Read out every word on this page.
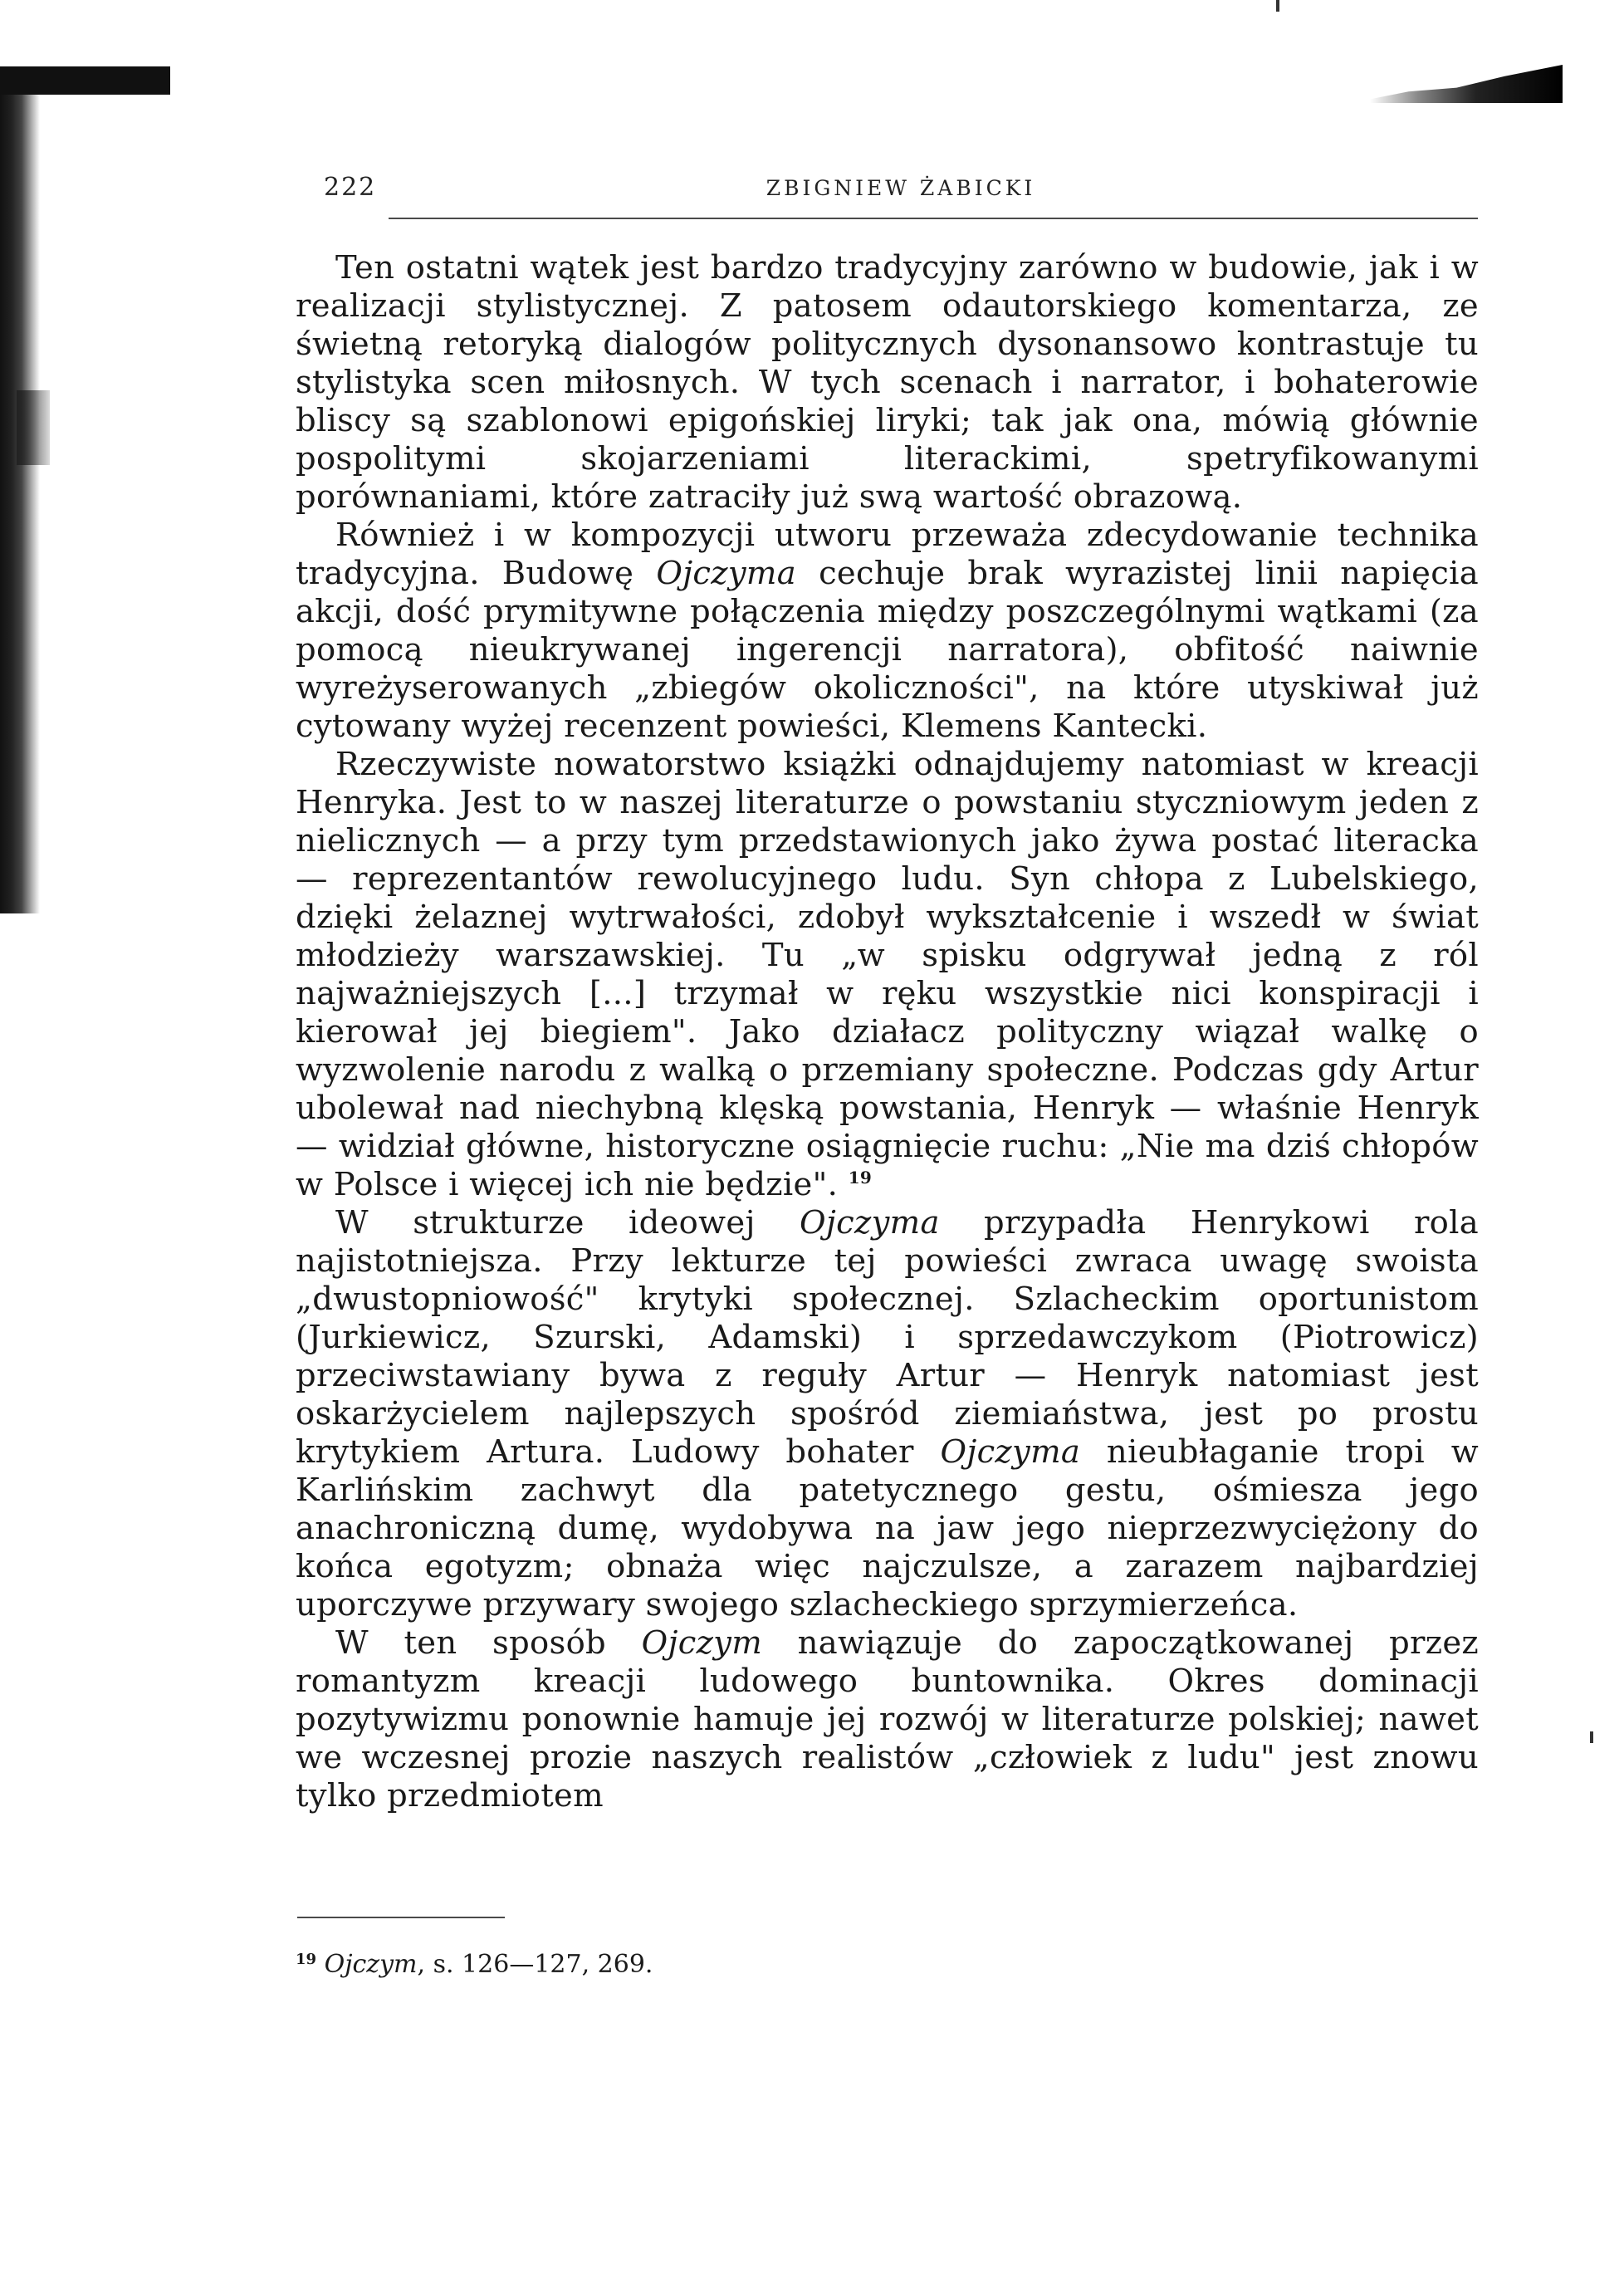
222	ZBIGNIEW ŻABICKI

Ten ostatni wątek jest bardzo tradycyjny zarówno w budowie, jak i w realizacji stylistycznej. Z patosem odautorskiego komentarza, ze świetną retoryką dialogów politycznych dysonansowo kontrastuje tu stylistyka scen miłosnych. W tych scenach i narrator, i bohaterowie bliscy są szablonowi epigońskiej liryki; tak jak ona, mówią głównie pospolitymi skojarzeniami literackimi, spetryfikowanymi porównaniami, które zatraciły już swą wartość obrazową.

Również i w kompozycji utworu przeważa zdecydowanie technika tradycyjna. Budowę Ojczyma cechuje brak wyrazistej linii napięcia akcji, dość prymitywne połączenia między poszczególnymi wątkami (za pomocą nieukrywanej ingerencji narratora), obfitość naiwnie wyreżyserowanych „zbiegów okoliczności", na które utyskiwał już cytowany wyżej recenzent powieści, Klemens Kantecki.

Rzeczywiste nowatorstwo książki odnajdujemy natomiast w kreacji Henryka. Jest to w naszej literaturze o powstaniu styczniowym jeden z nielicznych — a przy tym przedstawionych jako żywa postać literacka — reprezentantów rewolucyjnego ludu. Syn chłopa z Lubelskiego, dzięki żelaznej wytrwałości, zdobył wykształcenie i wszedł w świat młodzieży warszawskiej. Tu „w spisku odgrywał jedną z ról najważniejszych [...] trzymał w ręku wszystkie nici konspiracji i kierował jej biegiem". Jako działacz polityczny wiązał walkę o wyzwolenie narodu z walką o przemiany społeczne. Podczas gdy Artur ubolewał nad niechybną klęską powstania, Henryk — właśnie Henryk — widział główne, historyczne osiągnięcie ruchu: „Nie ma dziś chłopów w Polsce i więcej ich nie będzie". $^{19}$

W strukturze ideowej Ojczyma przypadła Henrykowi rola najistotniejsza. Przy lekturze tej powieści zwraca uwagę swoista „dwustopniowość" krytyki społecznej. Szlacheckim oportunistom (Jurkiewicz, Szurski, Adamski) i sprzedawczykom (Piotrowicz) przeciwstawiany bywa z reguły Artur — Henryk natomiast jest oskarżycielem najlepszych spośród ziemiaństwa, jest po prostu krytykiem Artura. Ludowy bohater Ojczyma nieubłaganie tropi w Karlińskim zachwyt dla patetycznego gestu, ośmiesza jego anachroniczną dumę, wydobywa na jaw jego nieprzezwyciężony do końca egotyzm; obnaża więc najczulsze, a zarazem najbardziej uporczywe przywary swojego szlacheckiego sprzymierzeńca.

W ten sposób Ojczym nawiązuje do zapoczątkowanej przez romantyzm kreacji ludowego buntownika. Okres dominacji pozytywizmu ponownie hamuje jej rozwój w literaturze polskiej; nawet we wczesnej prozie naszych realistów „człowiek z ludu" jest znowu tylko przedmiotem

$^{19}$ Ojczym, s. 126—127, 269.
